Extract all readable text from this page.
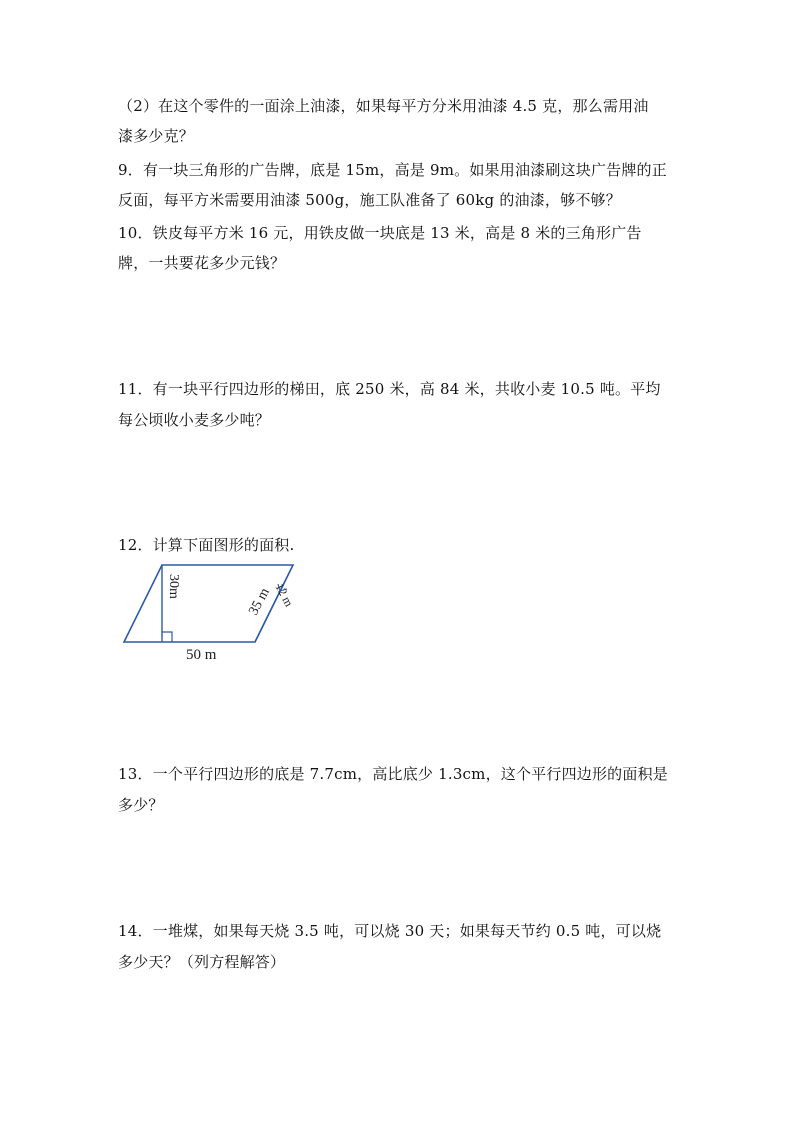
（2）在这个零件的一面涂上油漆，如果每平方分米用油漆 4.5 克，那么需用油
漆多少克？
9．有一块三角形的广告牌，底是 15m，高是 9m。如果用油漆刷这块广告牌的正
反面，每平方米需要用油漆 500g，施工队准备了 60kg 的油漆，够不够？
10．铁皮每平方米 16 元，用铁皮做一块底是 13 米，高是 8 米的三角形广告
牌，一共要花多少元钱？
11．有一块平行四边形的梯田，底 250 米，高 84 米，共收小麦 10.5 吨。平均
每公顷收小麦多少吨？
12．计算下面图形的面积.
30m	35 m 12 m
50 m
13．一个平行四边形的底是 7.7cm，高比底少 1.3cm，这个平行四边形的面积是
多少？
14．一堆煤，如果每天烧 3.5 吨，可以烧 30 天；如果每天节约 0.5 吨，可以烧
多少天？（列方程解答）
